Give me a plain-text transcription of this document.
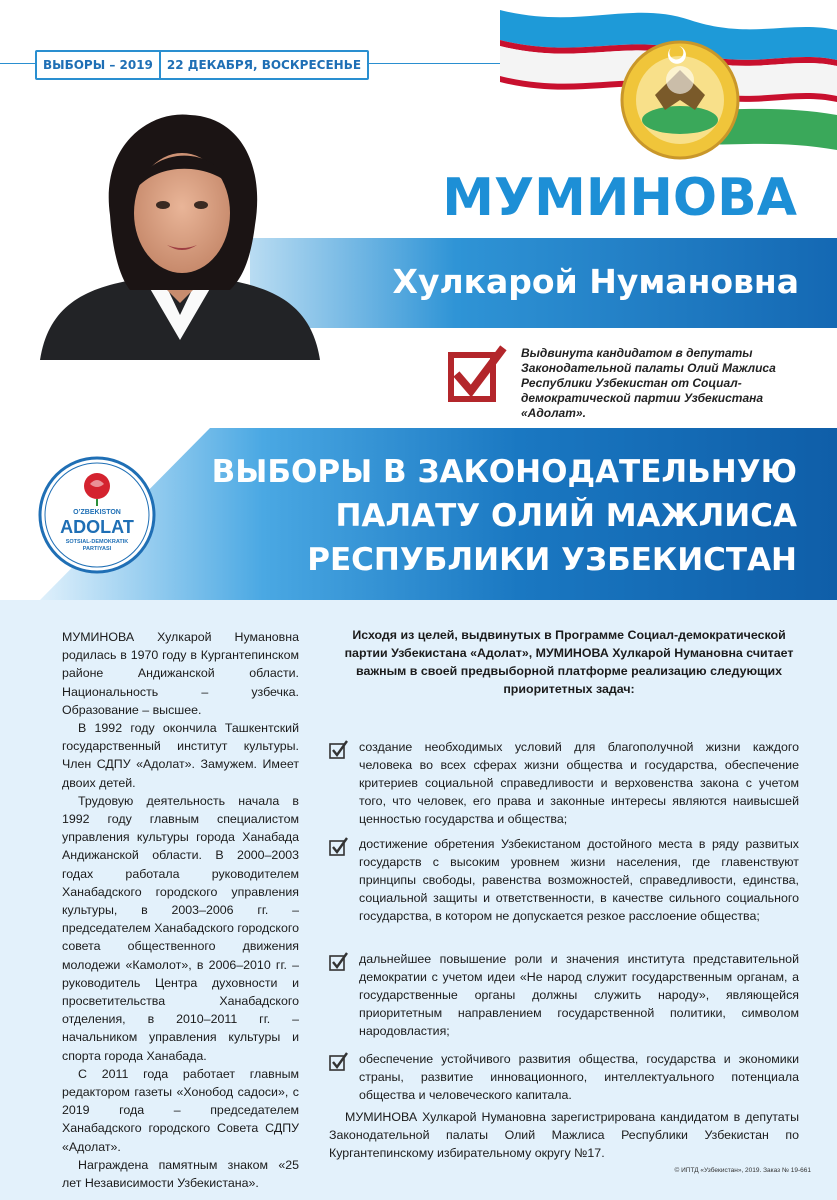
ВЫБОРЫ – 2019	22 ДЕКАБРЯ, ВОСКРЕСЕНЬЕ
МУМИНОВА
Хулкарой Нумановна
Выдвинута кандидатом в депутаты Законодательной палаты Олий Мажлиса Республики Узбекистан от Социал-демократической партии Узбекистана «Адолат».
ВЫБОРЫ В ЗАКОНОДАТЕЛЬНУЮ
ПАЛАТУ ОЛИЙ МАЖЛИСА
РЕСПУБЛИКИ УЗБЕКИСТАН
O’ZBEKISTON
ADOLAT
SOTSIAL-DEMOKRATIK
PARTIYASI

МУМИНОВА Хулкарой Нумановна родилась в 1970 году в Кургантепинском районе Андижанской области. Национальность – узбечка. Образование – высшее.

В 1992 году окончила Ташкентский государственный институт культуры. Член СДПУ «Адолат». Замужем. Имеет двоих детей.

Трудовую деятельность начала в 1992 году главным специалистом управления культуры города Ханабада Андижанской области. В 2000–2003 годах работала руководителем Ханабадского городского управления культуры, в 2003–2006 гг. – председателем Ханабадского городского совета общественного движения молодежи «Камолот», в 2006–2010 гг. – руководитель Центра духовности и просветительства Ханабадского отделения, в 2010–2011 гг. – начальником управления культуры и спорта города Ханабада.

С 2011 года работает главным редактором газеты «Хонобод садоси», с 2019 года – председателем Ханабадского городского Совета СДПУ «Адолат».

Награждена памятным знаком «25 лет Независимости Узбекистана».

Исходя из целей, выдвинутых в Программе Социал-демократической партии Узбекистана «Адолат», МУМИНОВА Хулкарой Нумановна считает важным в своей предвыборной платформе реализацию следующих приоритетных задач:
создание необходимых условий для благополучной жизни каждого человека во всех сферах жизни общества и государства, обеспечение критериев социальной справедливости и верховенства закона с учетом того, что человек, его права и законные интересы являются наивысшей ценностью государства и общества;
достижение обретения Узбекистаном достойного места в ряду развитых государств с высоким уровнем жизни населения, где главенствуют принципы свободы, равенства возможностей, справедливости, единства, социальной защиты и ответственности, в качестве сильного социального государства, в котором не допускается резкое расслоение общества;
дальнейшее повышение роли и значения института представительной демократии с учетом идеи «Не народ служит государственным органам, а государственные органы должны служить народу», являющейся приоритетным направлением государственной политики, символом народовластия;
обеспечение устойчивого развития общества, государства и экономики страны, развитие инновационного, интеллектуального потенциала общества и человеческого капитала.
МУМИНОВА Хулкарой Нумановна зарегистрирована кандидатом в депутаты Законодательной палаты Олий Мажлиса Республики Узбекистан по Кургантепинскому избирательному округу №17.
© ИПТД «Узбекистан», 2019. Заказ № 19-661
